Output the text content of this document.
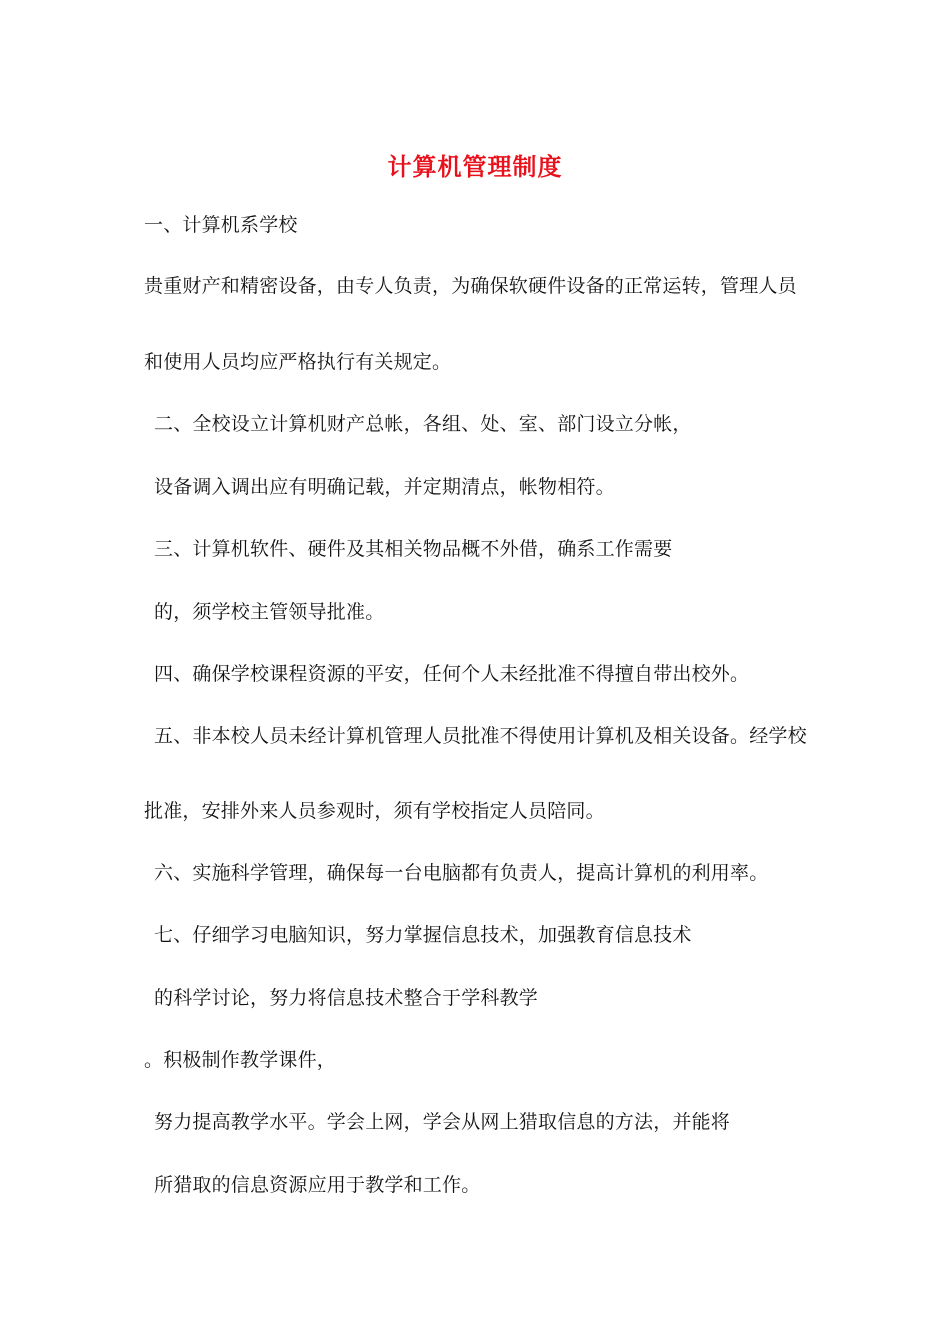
计算机管理制度
一、计算机系学校
贵重财产和精密设备，由专人负责，为确保软硬件设备的正常运转，管理人员
和使用人员均应严格执行有关规定。
二、全校设立计算机财产总帐，各组、处、室、部门设立分帐，
设备调入调出应有明确记载，并定期清点，帐物相符。
三、计算机软件、硬件及其相关物品概不外借，确系工作需要
的，须学校主管领导批准。
四、确保学校课程资源的平安，任何个人未经批准不得擅自带出校外。
五、非本校人员未经计算机管理人员批准不得使用计算机及相关设备。经学校
批准，安排外来人员参观时，须有学校指定人员陪同。
六、实施科学管理，确保每一台电脑都有负责人，提高计算机的利用率。
七、仔细学习电脑知识，努力掌握信息技术，加强教育信息技术
的科学讨论，努力将信息技术整合于学科教学
。积极制作教学课件，
努力提高教学水平。学会上网，学会从网上猎取信息的方法，并能将
所猎取的信息资源应用于教学和工作。
